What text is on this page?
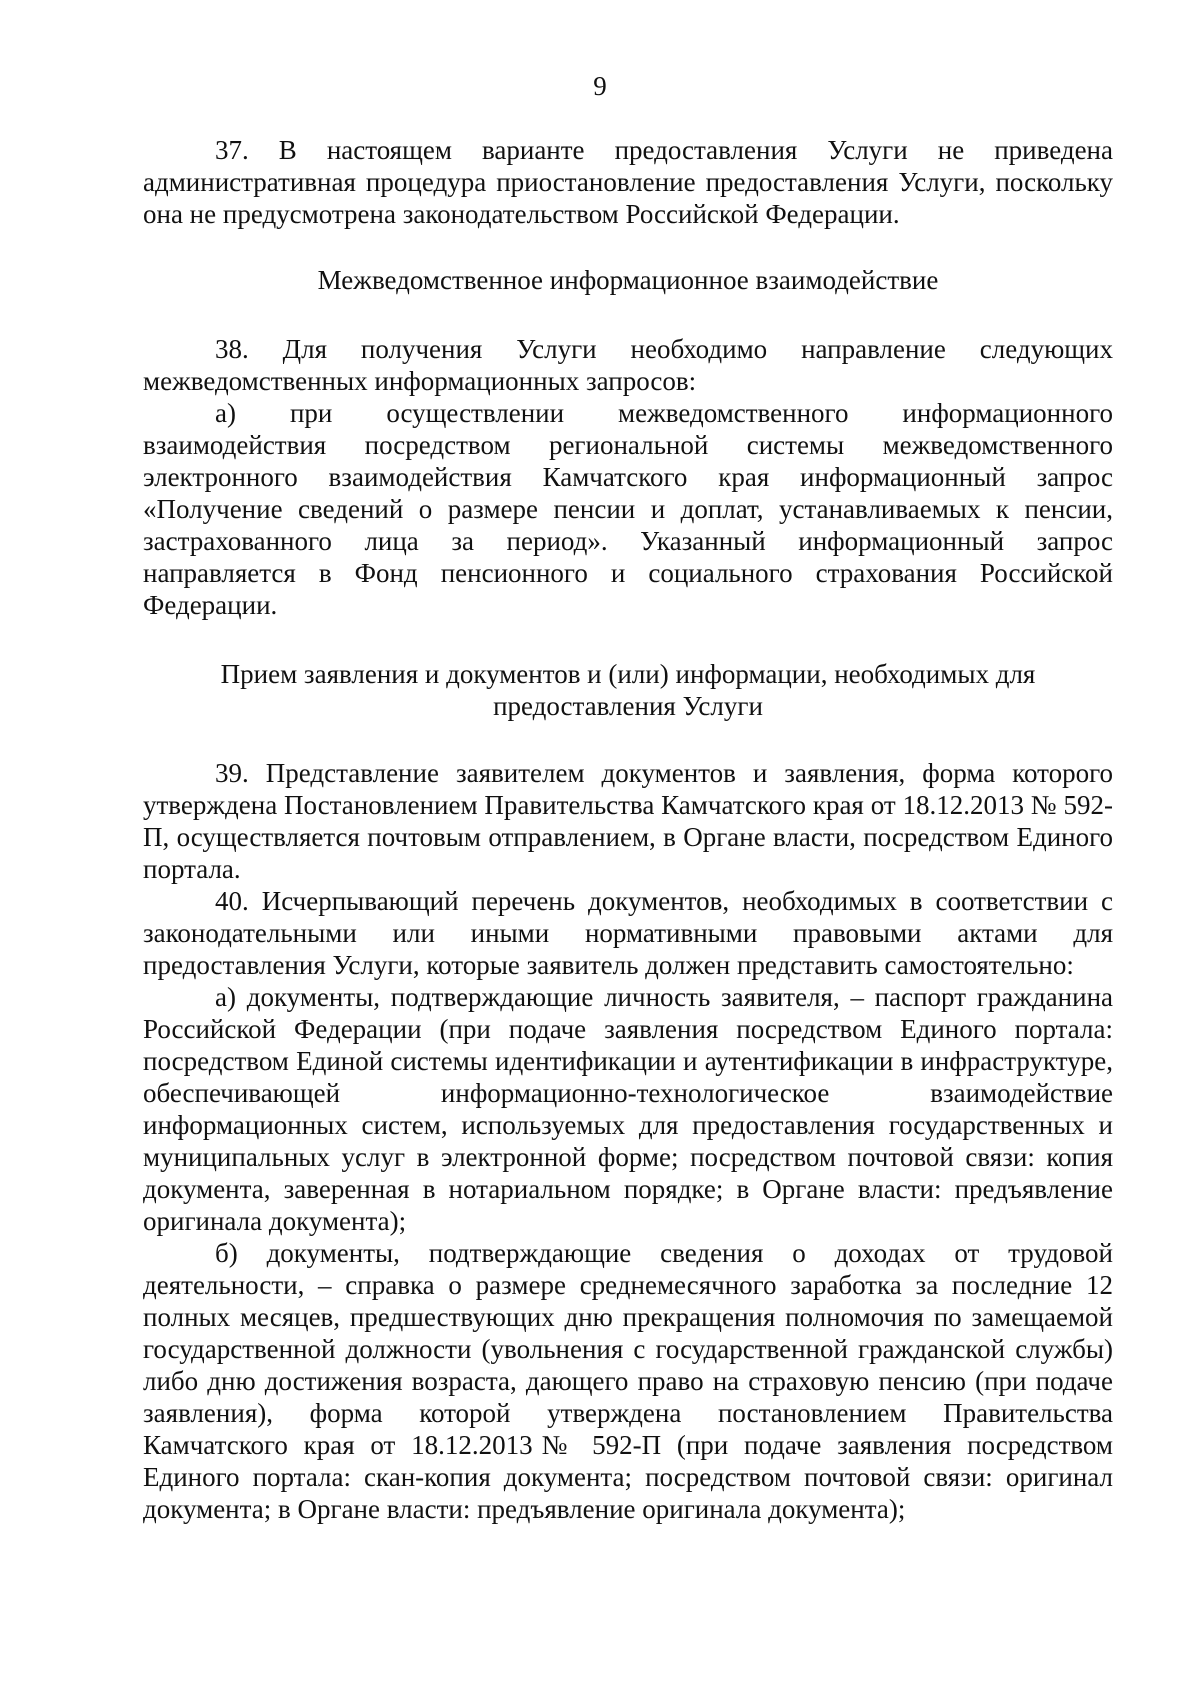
9

37. В настоящем варианте предоставления Услуги не приведена административная процедура приостановление предоставления Услуги, поскольку она не предусмотрена законодательством Российской Федерации.

Межведомственное информационное взаимодействие

38. Для получения Услуги необходимо направление следующих межведомственных информационных запросов:

а) при осуществлении межведомственного информационного взаимодействия посредством региональной системы межведомственного электронного взаимодействия Камчатского края информационный запрос «Получение сведений о размере пенсии и доплат, устанавливаемых к пенсии, застрахованного лица за период». Указанный информационный запрос направляется в Фонд пенсионного и социального страхования Российской Федерации.

Прием заявления и документов и (или) информации, необходимых для

предоставления Услуги

39. Представление заявителем документов и заявления, форма которого утверждена Постановлением Правительства Камчатского края от 18.12.2013 № 592-П, осуществляется почтовым отправлением, в Органе власти, посредством Единого портала.

40. Исчерпывающий перечень документов, необходимых в соответствии с законодательными или иными нормативными правовыми актами для предоставления Услуги, которые заявитель должен представить самостоятельно:

а) документы, подтверждающие личность заявителя, – паспорт гражданина Российской Федерации (при подаче заявления посредством Единого портала: посредством Единой системы идентификации и аутентификации в инфраструктуре, обеспечивающей информационно-технологическое взаимодействие информационных систем, используемых для предоставления государственных и муниципальных услуг в электронной форме; посредством почтовой связи: копия документа, заверенная в нотариальном порядке; в Органе власти: предъявление оригинала документа);

б) документы, подтверждающие сведения о доходах от трудовой деятельности, – справка о размере среднемесячного заработка за последние 12 полных месяцев, предшествующих дню прекращения полномочия по замещаемой государственной должности (увольнения с государственной гражданской службы) либо дню достижения возраста, дающего право на страховую пенсию (при подаче заявления), форма которой утверждена постановлением Правительства Камчатского края от 18.12.2013№ 592-П (при подаче заявления посредством Единого портала: скан-копия документа; посредством почтовой связи: оригинал документа; в Органе власти: предъявление оригинала документа);
